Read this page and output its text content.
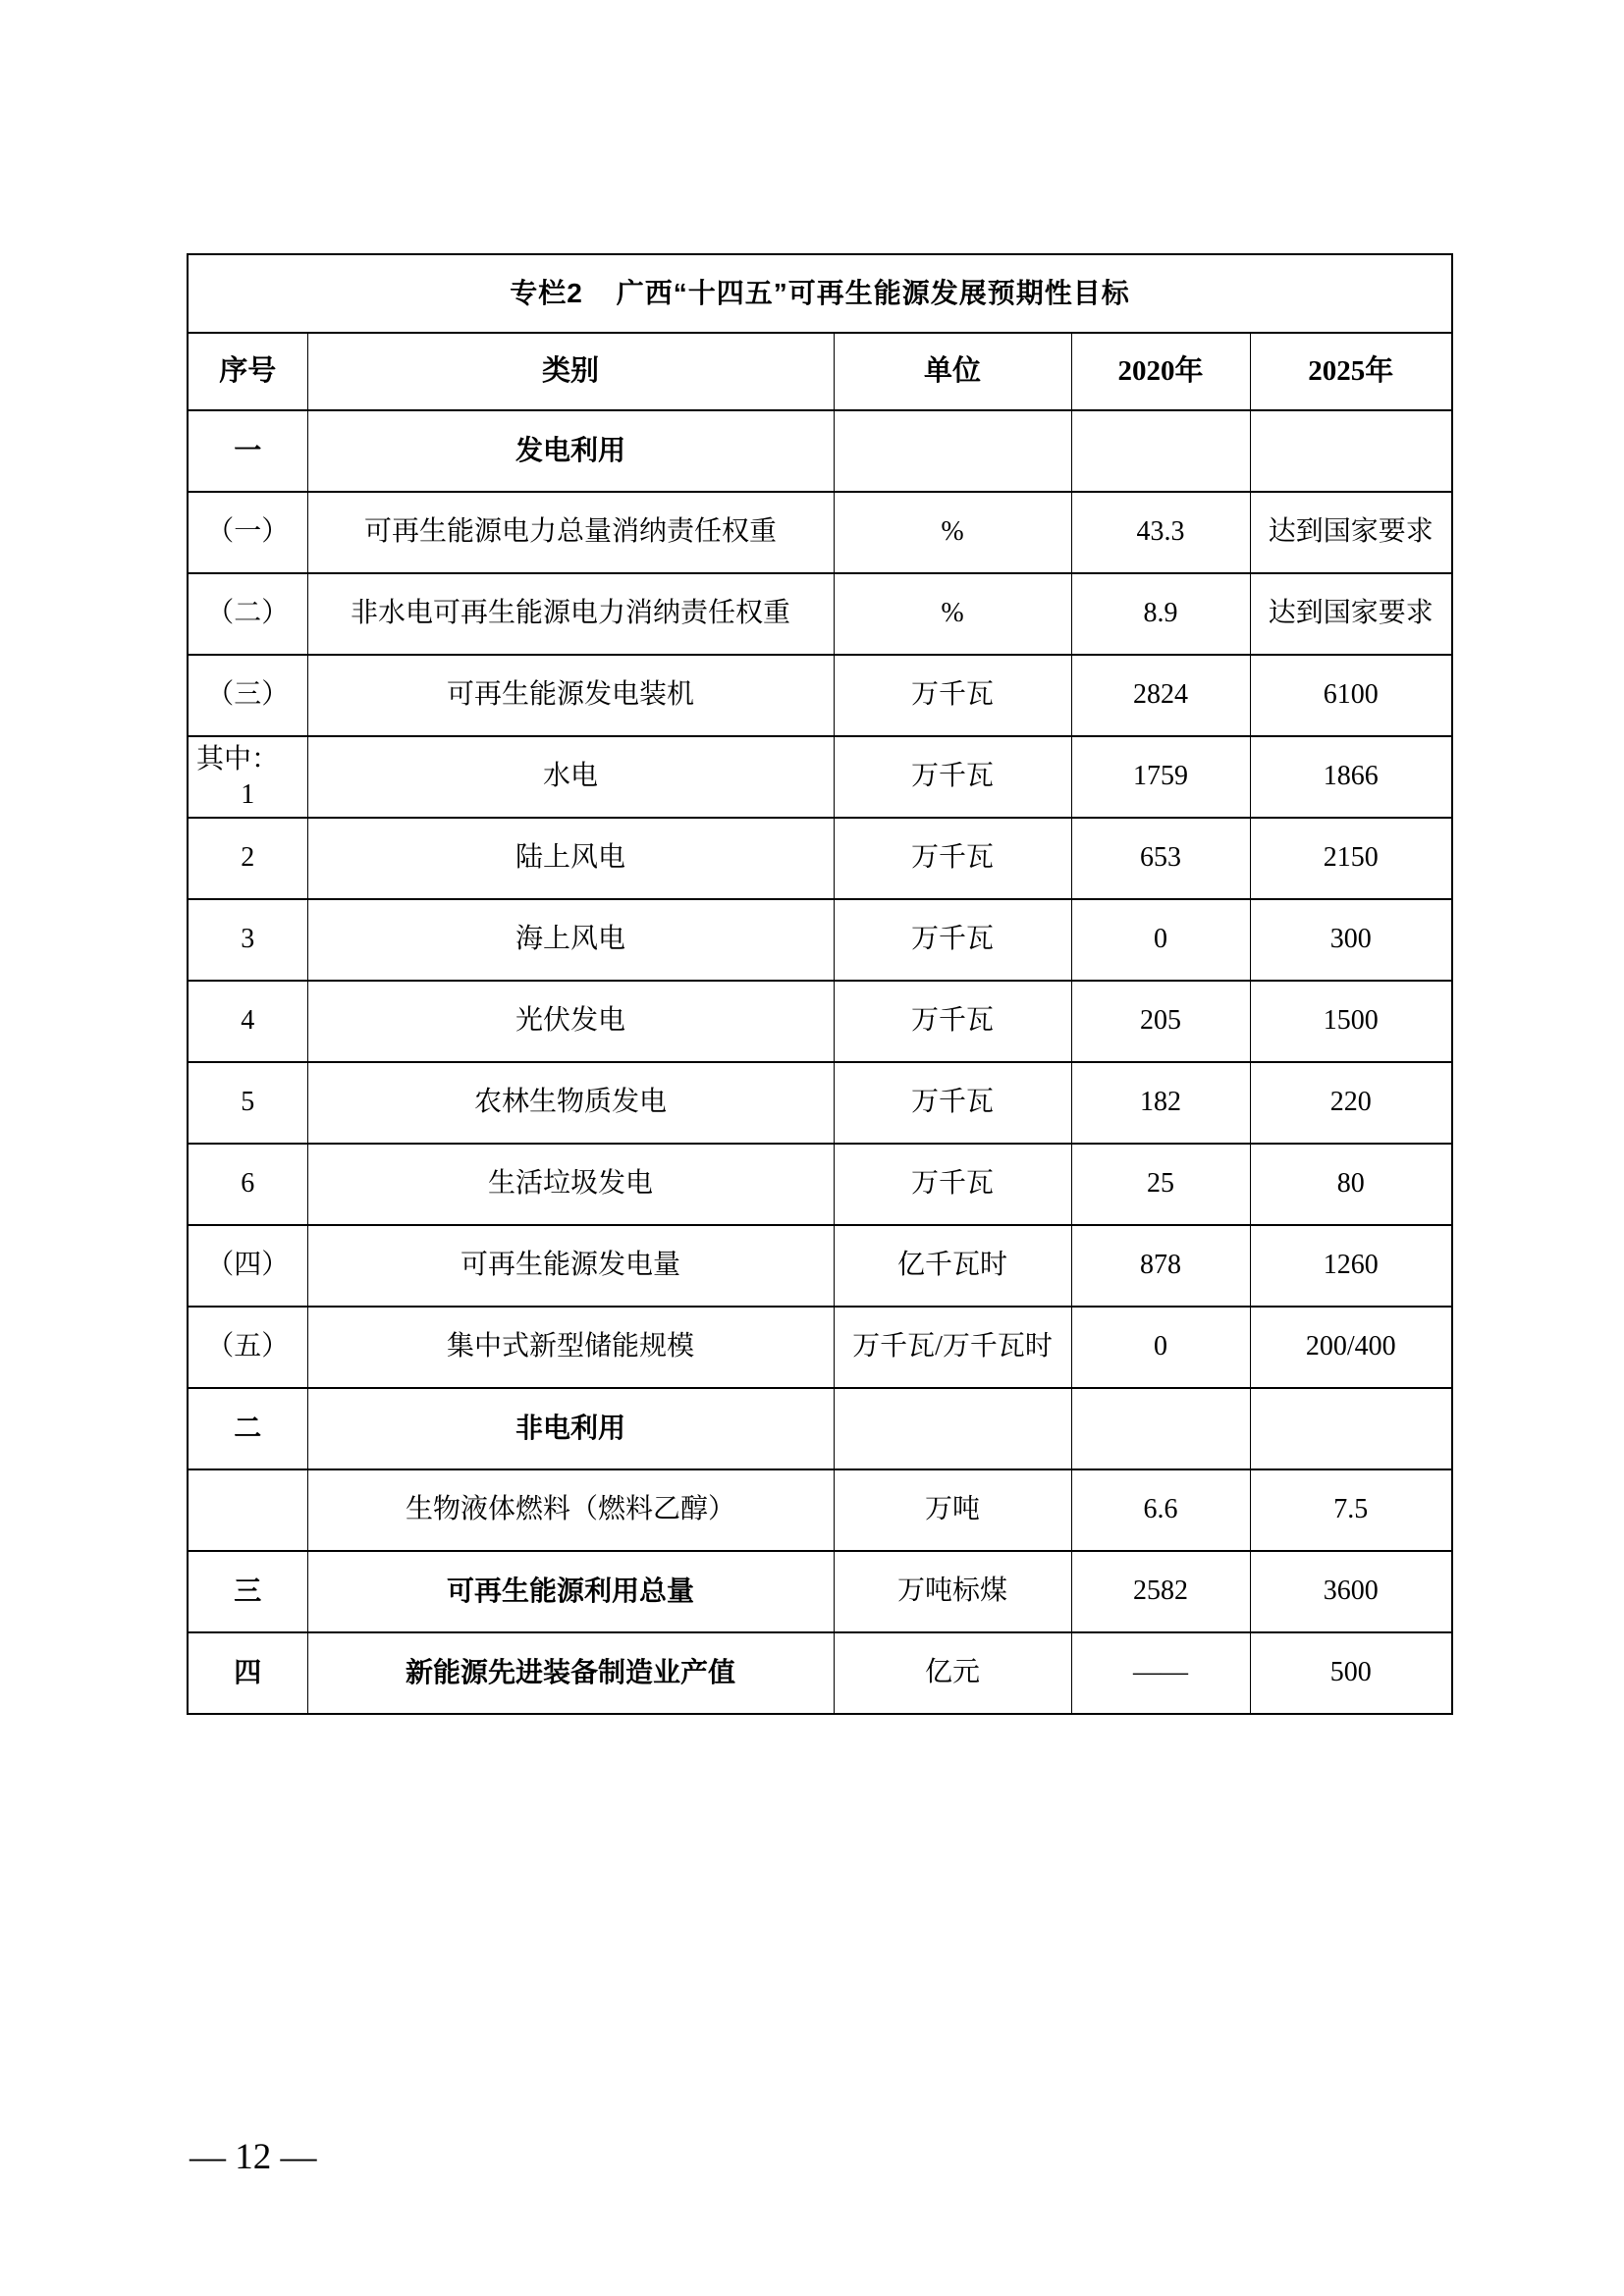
专栏2 广西“十四五”可再生能源发展预期性目标				
序号	类别	单位	2020年	2025年
一	发电利用			
（一）	可再生能源电力总量消纳责任权重	%	43.3	达到国家要求
（二）	非水电可再生能源电力消纳责任权重	%	8.9	达到国家要求
（三）	可再生能源发电装机	万千瓦	2824	6100

其中：
1	水电	万千瓦	1759	1866
2	陆上风电	万千瓦	653	2150
3	海上风电	万千瓦	0	300
4	光伏发电	万千瓦	205	1500
5	农林生物质发电	万千瓦	182	220
6	生活垃圾发电	万千瓦	25	80
（四）	可再生能源发电量	亿千瓦时	878	1260
（五）	集中式新型储能规模	万千瓦/万千瓦时	0	200/400
二	非电利用			
	生物液体燃料（燃料乙醇）	万吨	6.6	7.5
三	可再生能源利用总量	万吨标煤	2582	3600
四	新能源先进装备制造业产值	亿元	——	500
— 12 —
